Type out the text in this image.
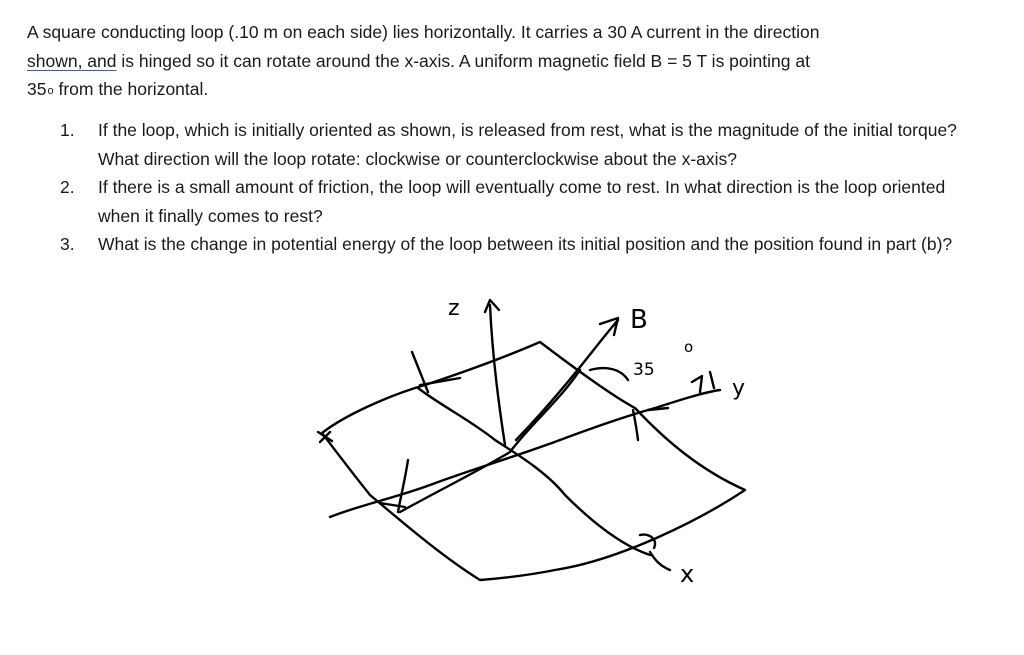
A square conducting loop (.10 m on each side) lies horizontally. It carries a 30 A current in the direction
shown, and is hinged so it can rotate around the x-axis. A uniform magnetic field B = 5 T is pointing at
35o from the horizontal.

1.	If the loop, which is initially oriented as shown, is released from rest, what is the magnitude of the initial torque? What direction will the loop rotate: clockwise or counterclockwise about the x-axis?
2.	If there is a small amount of friction, the loop will eventually come to rest. In what direction is the loop oriented when it finally comes to rest?
3.	What is the change in potential energy of the loop between its initial position and the position found in part (b)?
z	B
35
o
y
x
